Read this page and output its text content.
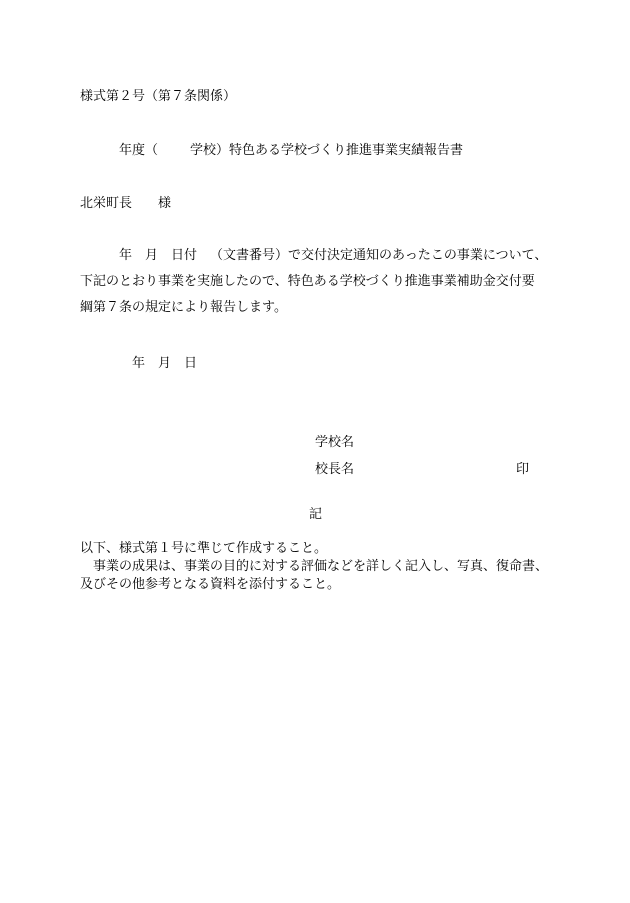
様式第２号（第７条関係）
年度（ 学校）特色ある学校づくり推進事業実績報告書
北栄町長 様
年 月 日付 （文書番号）で交付決定通知のあったこの事業について、
下記のとおり事業を実施したので、特色ある学校づくり推進事業補助金交付要
綱第７条の規定により報告します。
年 月 日
学校名
校長名	印
記
以下、様式第１号に準じて作成すること。
事業の成果は、事業の目的に対する評価などを詳しく記入し、写真、復命書、
及びその他参考となる資料を添付すること。
